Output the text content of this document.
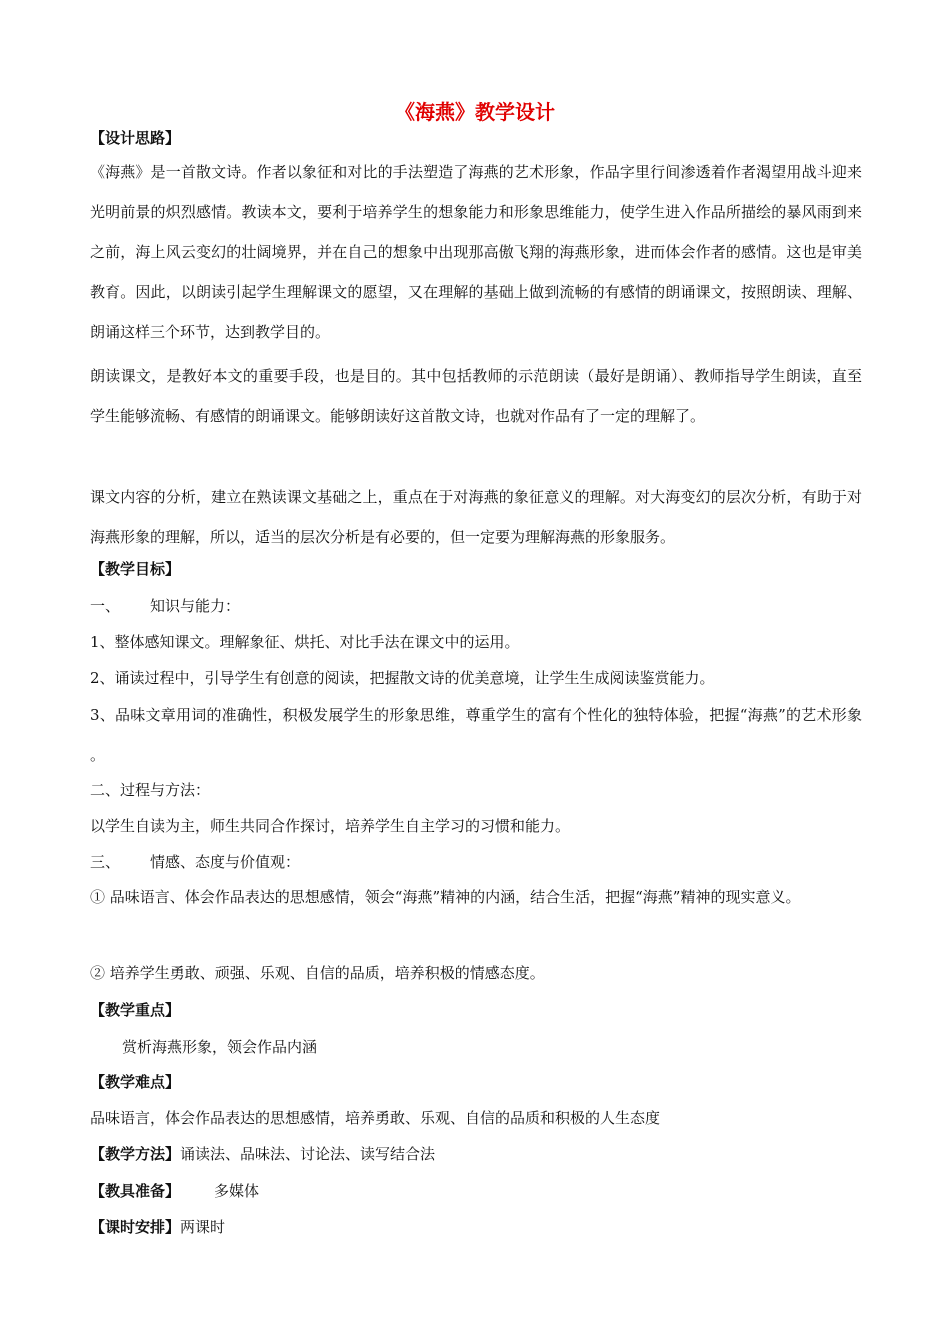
《海燕》教学设计
【设计思路】

《海燕》是一首散文诗。作者以象征和对比的手法塑造了海燕的艺术形象，作品字里行间渗透着作者渴望用战斗迎来光明前景的炽烈感情。教读本文，要利于培养学生的想象能力和形象思维能力，使学生进入作品所描绘的暴风雨到来之前，海上风云变幻的壮阔境界，并在自己的想象中出现那高傲飞翔的海燕形象，进而体会作者的感情。这也是审美教育。因此，以朗读引起学生理解课文的愿望，又在理解的基础上做到流畅的有感情的朗诵课文，按照朗读、理解、朗诵这样三个环节，达到教学目的。

朗读课文，是教好本文的重要手段，也是目的。其中包括教师的示范朗读（最好是朗诵）、教师指导学生朗读，直至学生能够流畅、有感情的朗诵课文。能够朗读好这首散文诗，也就对作品有了一定的理解了。

课文内容的分析，建立在熟读课文基础之上，重点在于对海燕的象征意义的理解。对大海变幻的层次分析，有助于对海燕形象的理解，所以，适当的层次分析是有必要的，但一定要为理解海燕的形象服务。

【教学目标】
一、 知识与能力：
1、整体感知课文。理解象征、烘托、对比手法在课文中的运用。
2、诵读过程中，引导学生有创意的阅读，把握散文诗的优美意境，让学生生成阅读鉴赏能力。

3、品味文章用词的准确性，积极发展学生的形象思维，尊重学生的富有个性化的独特体验，把握“海燕”的艺术形象。

二、过程与方法：
以学生自读为主，师生共同合作探讨，培养学生自主学习的习惯和能力。
三、 情感、态度与价值观：

① 品味语言、体会作品表达的思想感情，领会“海燕”精神的内涵，结合生活，把握“海燕”精神的现实意义。

② 培养学生勇敢、顽强、乐观、自信的品质，培养积极的情感态度。
【教学重点】
赏析海燕形象，领会作品内涵
【教学难点】
品味语言，体会作品表达的思想感情，培养勇敢、乐观、自信的品质和积极的人生态度
【教学方法】诵读法、品味法、讨论法、读写结合法
【教具准备】 多媒体
【课时安排】两课时
